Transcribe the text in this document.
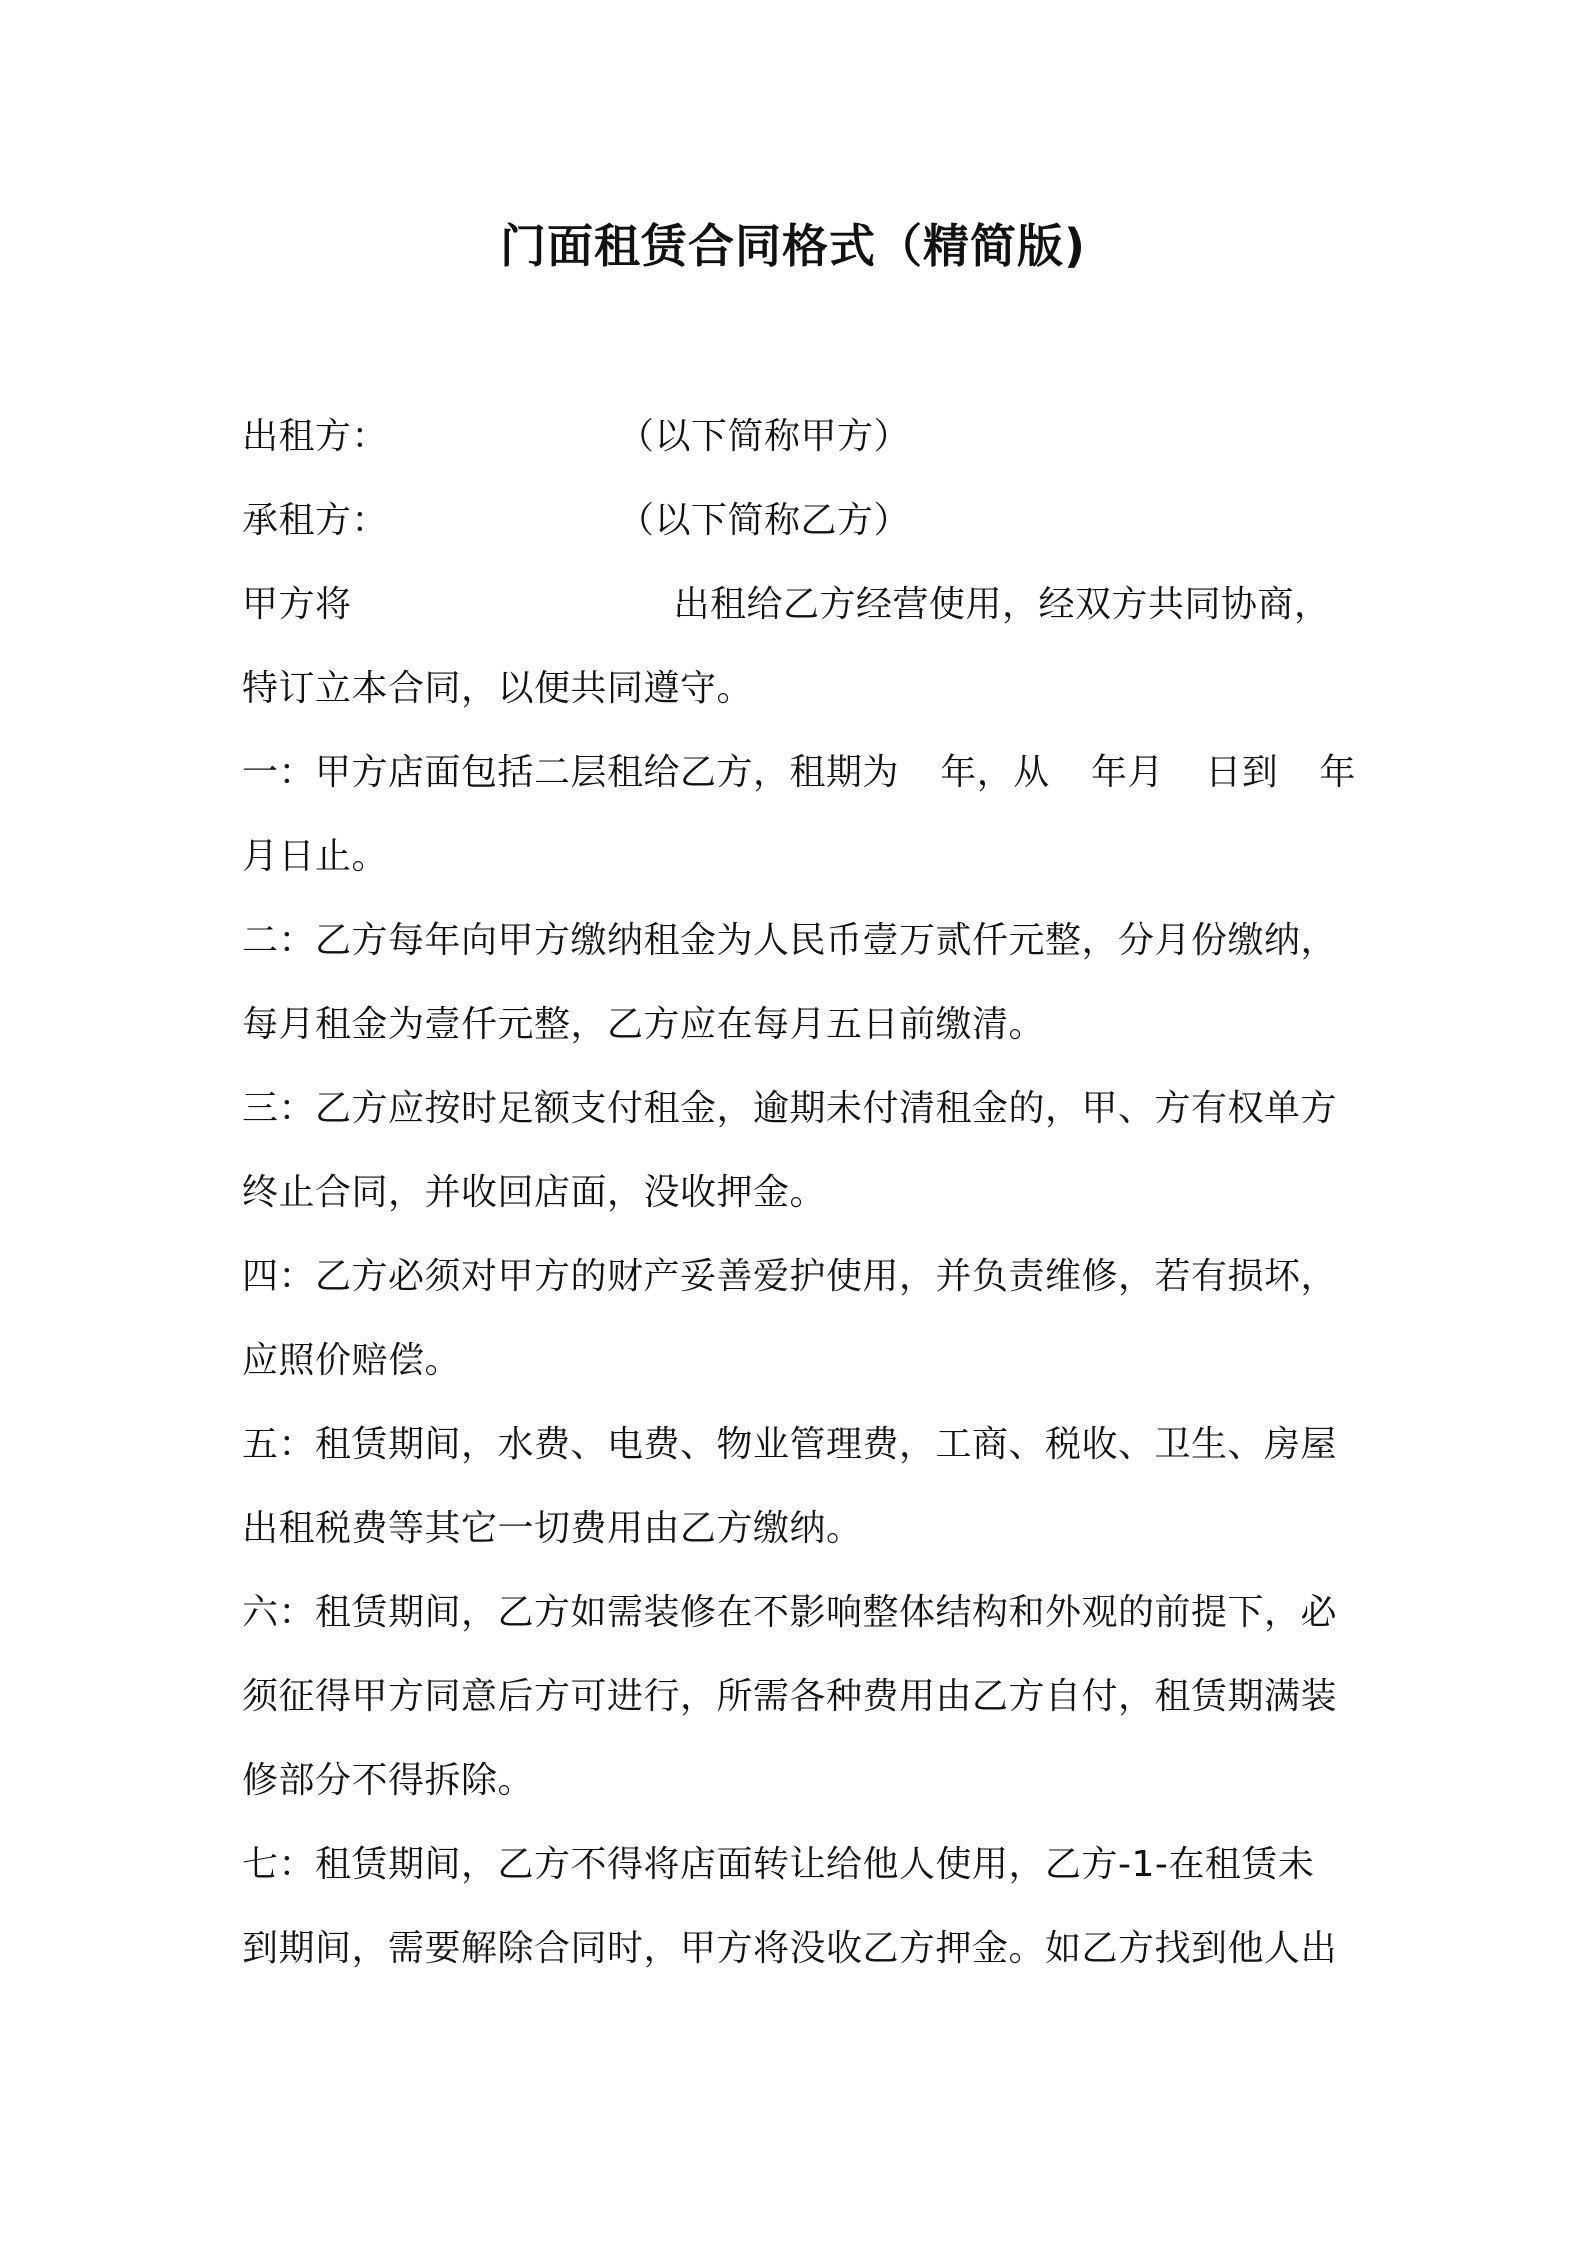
门面租赁合同格式（精简版)
出租方：	（以下简称甲方）
承租方：	（以下简称乙方）
甲方将	出租给乙方经营使用，经双方共同协商，
特订立本合同，以便共同遵守。
一：甲方店面包括二层租给乙方，租期为 年，从 年月 日到 年
月日止。
二：乙方每年向甲方缴纳租金为人民币壹万贰仟元整，分月份缴纳，
每月租金为壹仟元整，乙方应在每月五日前缴清。
三：乙方应按时足额支付租金，逾期未付清租金的，甲、方有权单方
终止合同，并收回店面，没收押金。
四：乙方必须对甲方的财产妥善爱护使用，并负责维修，若有损坏，
应照价赔偿。
五：租赁期间，水费、电费、物业管理费，工商、税收、卫生、房屋
出租税费等其它一切费用由乙方缴纳。
六：租赁期间，乙方如需装修在不影响整体结构和外观的前提下，必
须征得甲方同意后方可进行，所需各种费用由乙方自付，租赁期满装
修部分不得拆除。
七：租赁期间，乙方不得将店面转让给他人使用，乙方-1-在租赁未
到期间，需要解除合同时，甲方将没收乙方押金。如乙方找到他人出
